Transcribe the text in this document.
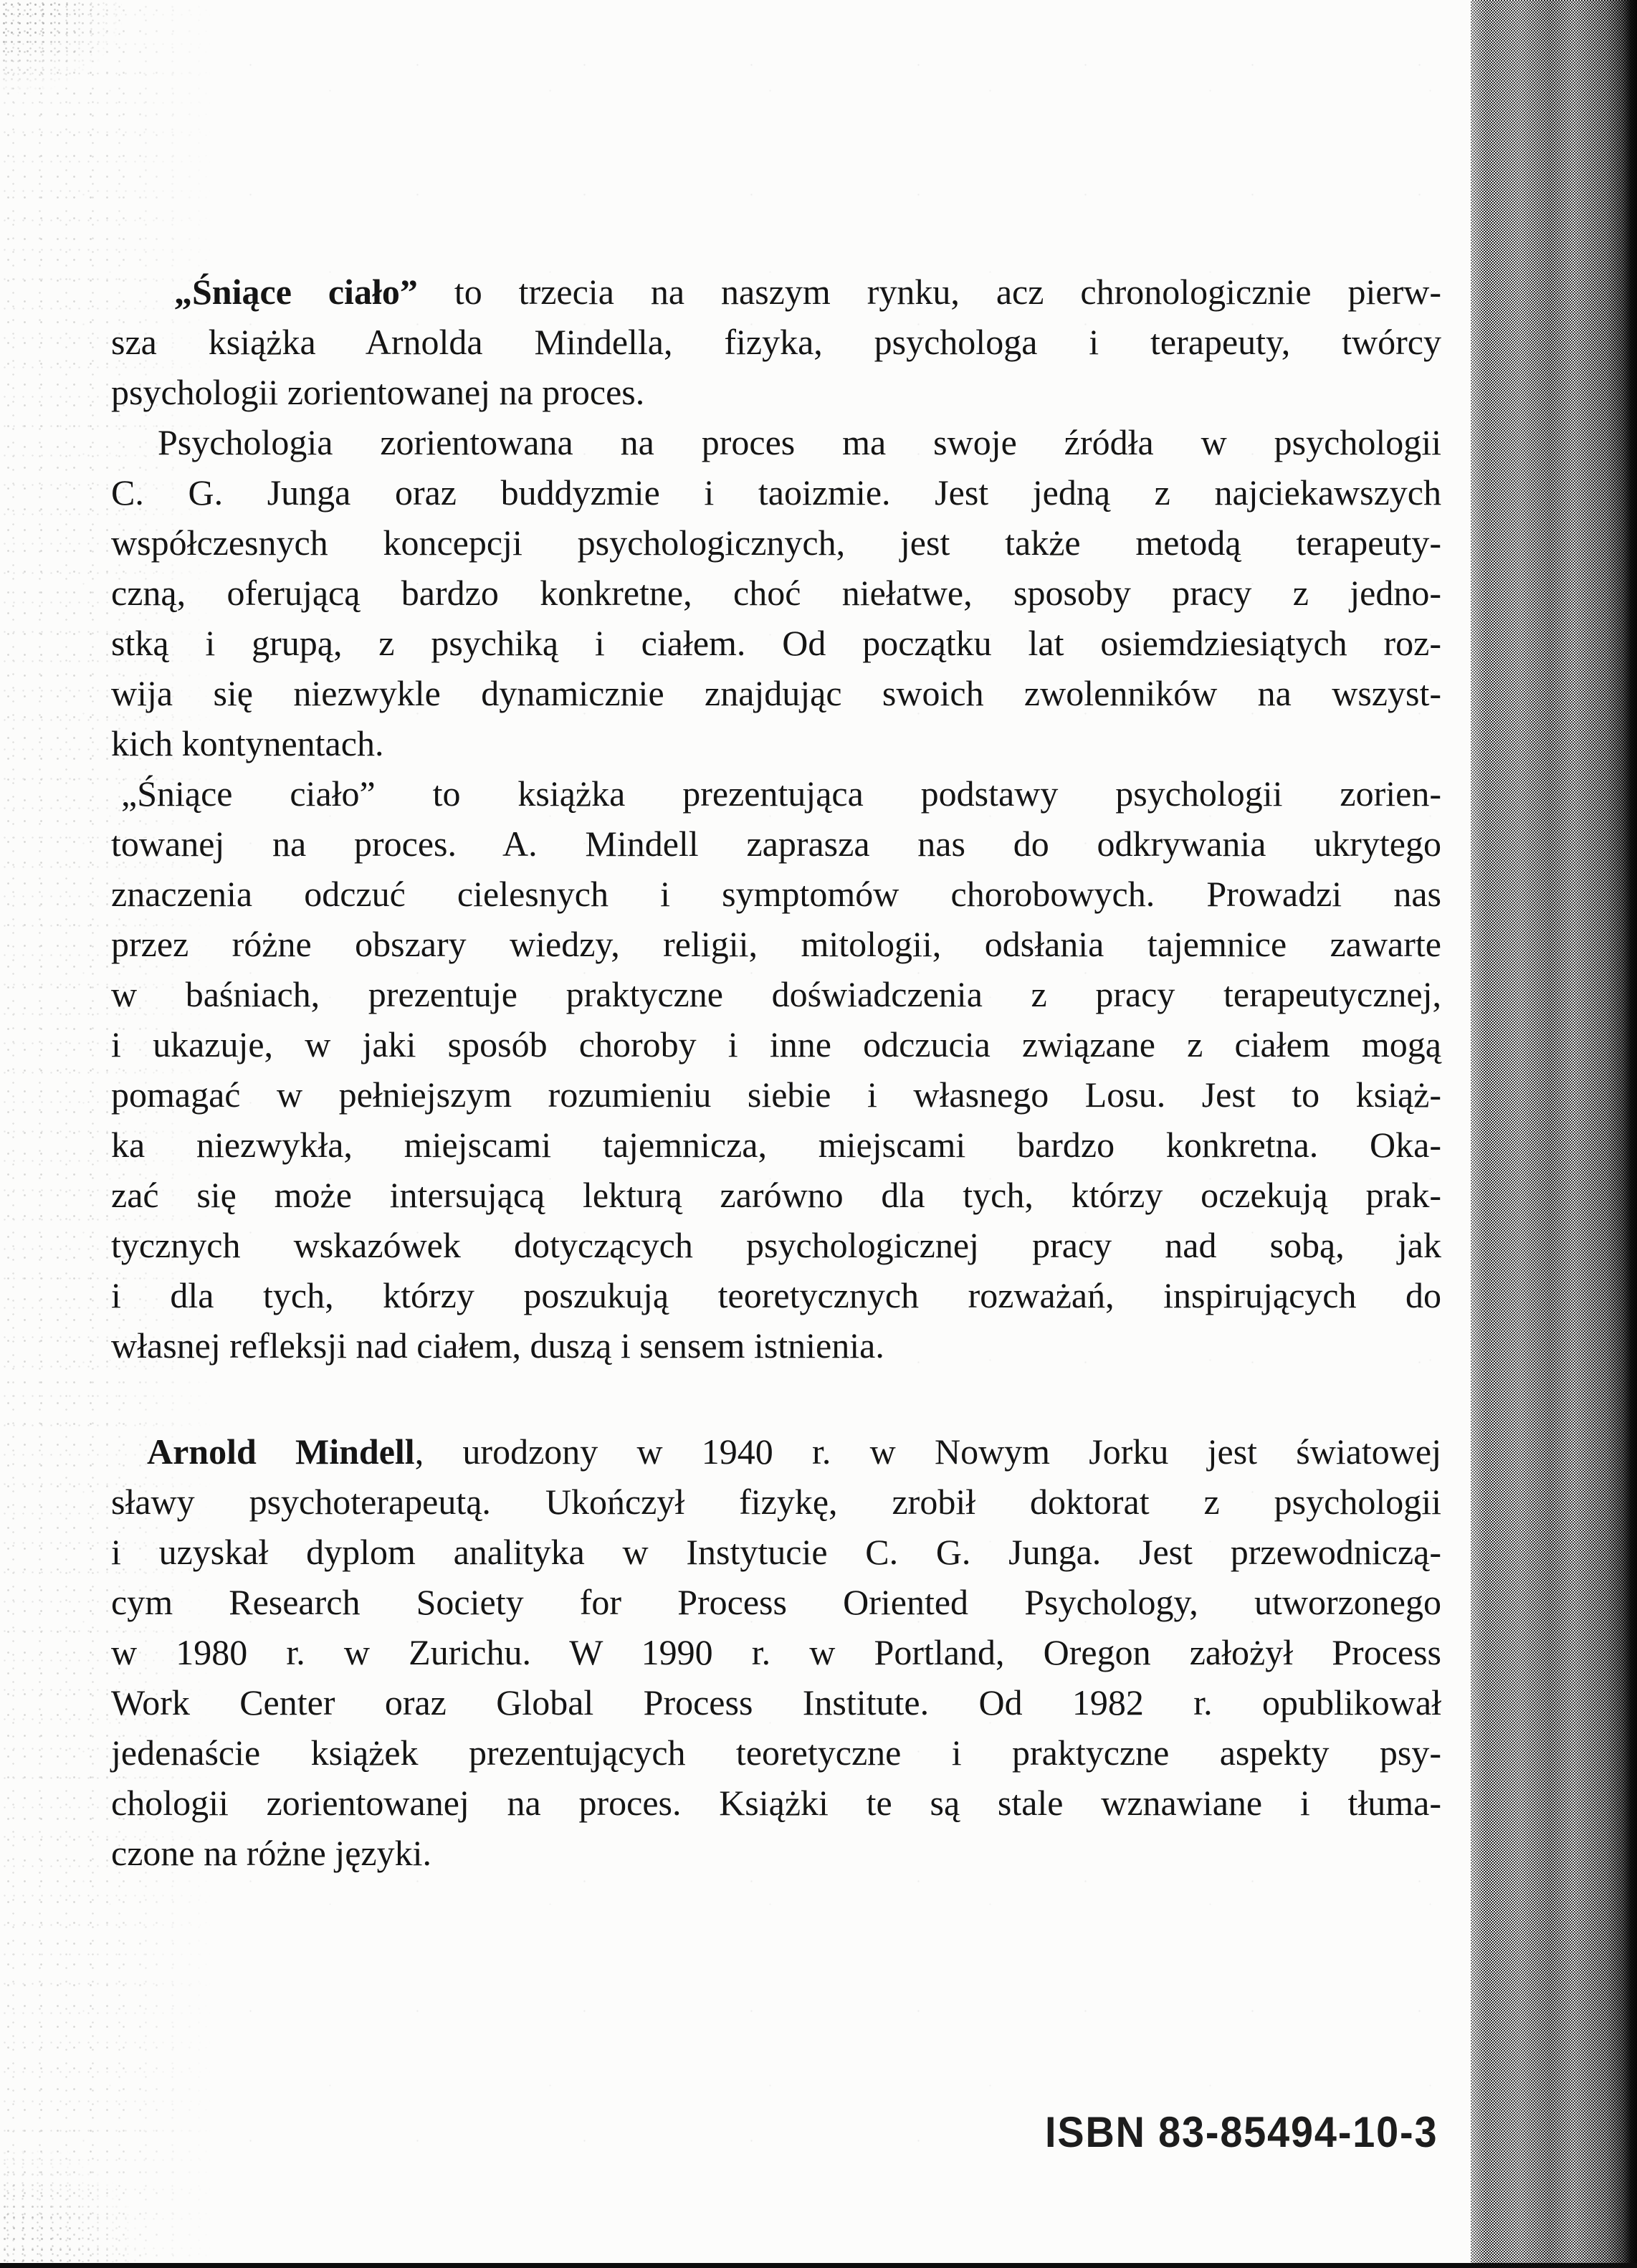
„Śniące ciało” to trzecia na naszym rynku, acz chronologicznie pierw-
sza książka Arnolda Mindella, fizyka, psychologa i terapeuty, twórcy
psychologii zorientowanej na proces.
Psychologia zorientowana na proces ma swoje źródła w psychologii
C. G. Junga oraz buddyzmie i taoizmie. Jest jedną z najciekawszych
współczesnych koncepcji psychologicznych, jest także metodą terapeuty-
czną, oferującą bardzo konkretne, choć niełatwe, sposoby pracy z jedno-
stką i grupą, z psychiką i ciałem. Od początku lat osiemdziesiątych roz-
wija się niezwykle dynamicznie znajdując swoich zwolenników na wszyst-
kich kontynentach.
„Śniące ciało” to książka prezentująca podstawy psychologii zorien-
towanej na proces. A. Mindell zaprasza nas do odkrywania ukrytego
znaczenia odczuć cielesnych i symptomów chorobowych. Prowadzi nas
przez różne obszary wiedzy, religii, mitologii, odsłania tajemnice zawarte
w baśniach, prezentuje praktyczne doświadczenia z pracy terapeutycznej,
i ukazuje, w jaki sposób choroby i inne odczucia związane z ciałem mogą
pomagać w pełniejszym rozumieniu siebie i własnego Losu. Jest to książ-
ka niezwykła, miejscami tajemnicza, miejscami bardzo konkretna. Oka-
zać się może intersującą lekturą zarówno dla tych, którzy oczekują prak-
tycznych wskazówek dotyczących psychologicznej pracy nad sobą, jak
i dla tych, którzy poszukują teoretycznych rozważań, inspirujących do
własnej refleksji nad ciałem, duszą i sensem istnienia.
Arnold Mindell, urodzony w 1940 r. w Nowym Jorku jest światowej
sławy psychoterapeutą. Ukończył fizykę, zrobił doktorat z psychologii
i uzyskał dyplom analityka w Instytucie C. G. Junga. Jest przewodniczą-
cym Research Society for Process Oriented Psychology, utworzonego
w 1980 r. w Zurichu. W 1990 r. w Portland, Oregon założył Process
Work Center oraz Global Process Institute. Od 1982 r. opublikował
jedenaście książek prezentujących teoretyczne i praktyczne aspekty psy-
chologii zorientowanej na proces. Książki te są stale wznawiane i tłuma-
czone na różne języki.
ISBN 83-85494-10-3
